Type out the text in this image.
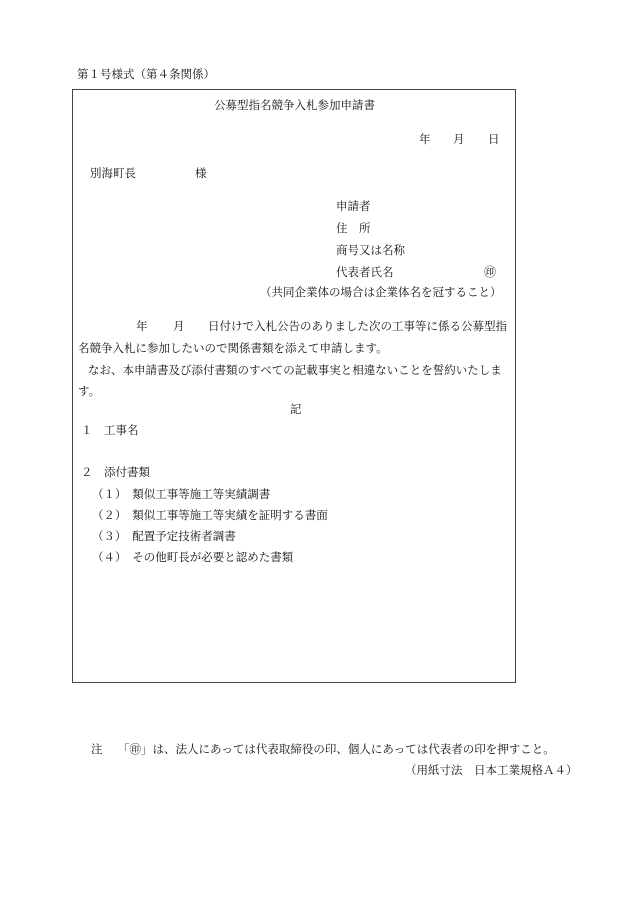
第１号様式（第４条関係）
公募型指名競争入札参加申請書
年 月 日
別海町長	様
申請者
住　所
商号又は名称
代表者氏名	㊞
（共同企業体の場合は企業体名を冠すること）
年 月 日付けで入札公告のありました次の工事等に係る公募型指
名競争入札に参加したいので関係書類を添えて申請します。
なお、本申請書及び添付書類のすべての記載事実と相違ないことを誓約いたしま
す。
記
１　工事名
２　添付書類
（１）　類似工事等施工等実績調書
（２）　類似工事等施工等実績を証明する書面
（３）　配置予定技術者調書
（４）　その他町長が必要と認めた書類
注 「㊞」は、法人にあっては代表取締役の印、個人にあっては代表者の印を押すこと。
（用紙寸法　日本工業規格Ａ４）
